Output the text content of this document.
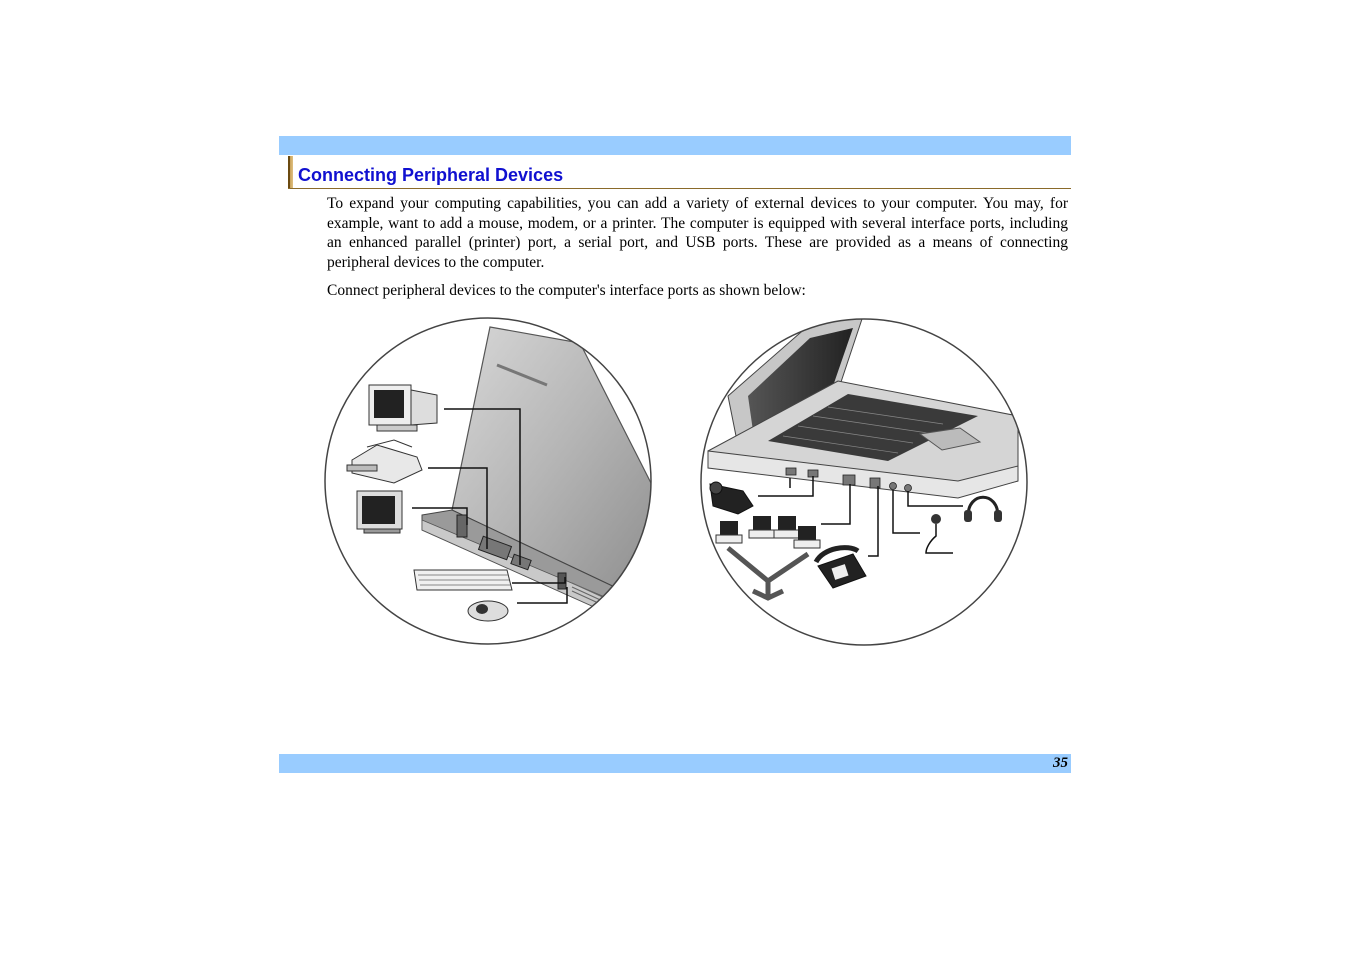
Connecting Peripheral Devices

To expand your computing capabilities, you can add a variety of external devices to your computer. You may, for example, want to add a mouse, modem, or a printer. The computer is equipped with several interface ports, including an enhanced parallel (printer) port, a serial port, and USB ports. These are provided as a means of connecting peripheral devices to the computer.

Connect peripheral devices to the computer's interface ports as shown below:

35
